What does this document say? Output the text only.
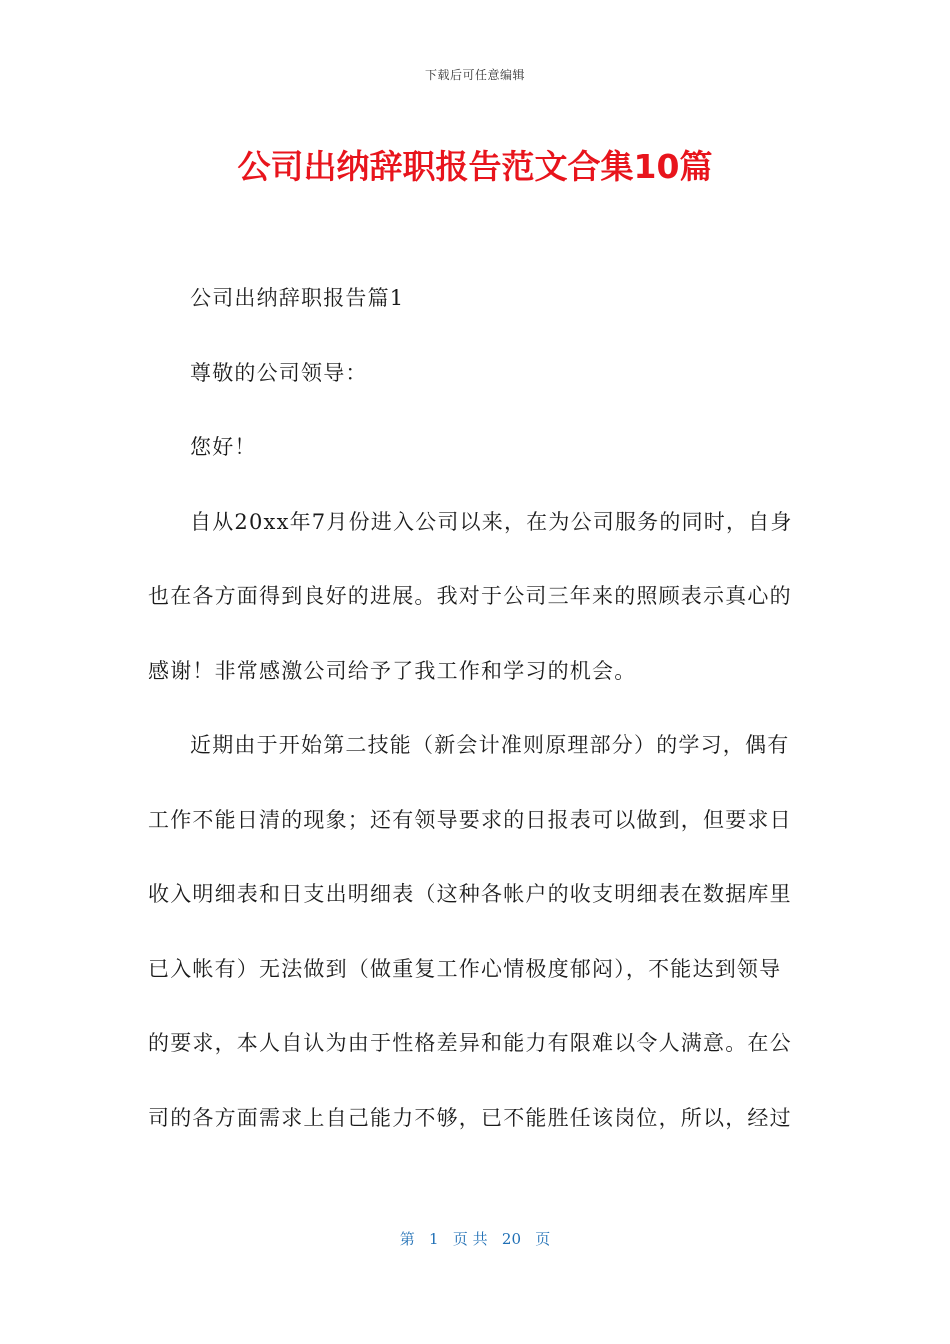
下载后可任意编辑
公司出纳辞职报告范文合集10篇
公司出纳辞职报告篇1
尊敬的公司领导：
您好！
自从20xx年7月份进入公司以来，在为公司服务的同时，自身
也在各方面得到良好的进展。我对于公司三年来的照顾表示真心的
感谢！非常感激公司给予了我工作和学习的机会。
近期由于开始第二技能（新会计准则原理部分）的学习，偶有
工作不能日清的现象；还有领导要求的日报表可以做到，但要求日
收入明细表和日支出明细表（这种各帐户的收支明细表在数据库里
已入帐有）无法做到（做重复工作心情极度郁闷），不能达到领导
的要求，本人自认为由于性格差异和能力有限难以令人满意。在公
司的各方面需求上自己能力不够，已不能胜任该岗位，所以，经过
第   1   页 共   20   页
